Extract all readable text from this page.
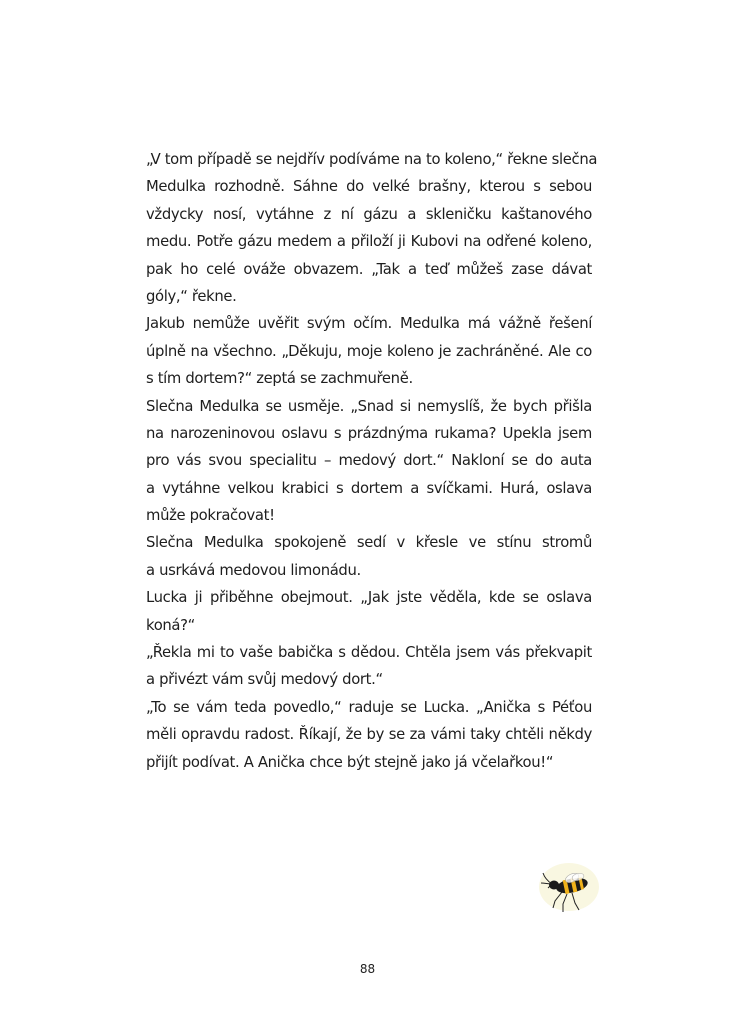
„V tom případě se nejdřív podíváme na to koleno,“ řekne slečna
Medulka rozhodně. Sáhne do velké brašny, kterou s sebou
vždycky nosí, vytáhne z ní gázu a skleničku kaštanového
medu. Potře gázu medem a přiloží ji Kubovi na odřené koleno,
pak ho celé ováže obvazem. „Tak a teď můžeš zase dávat
góly,“ řekne.
Jakub nemůže uvěřit svým očím. Medulka má vážně řešení
úplně na všechno. „Děkuju, moje koleno je zachráněné. Ale co
s tím dortem?“ zeptá se zachmuřeně.
Slečna Medulka se usměje. „Snad si nemyslíš, že bych přišla
na narozeninovou oslavu s prázdnýma rukama? Upekla jsem
pro vás svou specialitu – medový dort.“ Nakloní se do auta
a vytáhne velkou krabici s dortem a svíčkami. Hurá, oslava
může pokračovat!
Slečna Medulka spokojeně sedí v křesle ve stínu stromů
a usrkává medovou limonádu.
Lucka ji přiběhne obejmout. „Jak jste věděla, kde se oslava
koná?“
„Řekla mi to vaše babička s dědou. Chtěla jsem vás překvapit
a přivézt vám svůj medový dort.“
„To se vám teda povedlo,“ raduje se Lucka. „Anička s Péťou
měli opravdu radost. Říkají, že by se za vámi taky chtěli někdy
přijít podívat. A Anička chce být stejně jako já včelařkou!“
88
